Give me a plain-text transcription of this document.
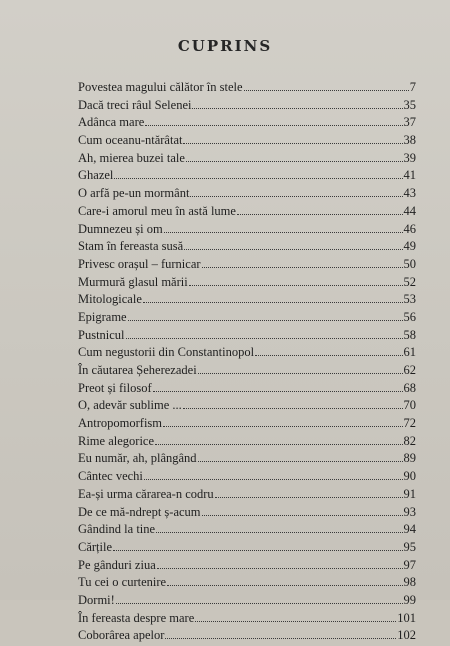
CUPRINS
Povestea magului călător în stele	7
Dacă treci râul Selenei	35
Adânca mare	37
Cum oceanu-ntărâtat	38
Ah, mierea buzei tale	39
Ghazel	41
O arfă pe-un mormânt	43
Care-i amorul meu în astă lume	44
Dumnezeu și om	46
Stam în fereasta susă	49
Privesc orașul – furnicar	50
Murmură glasul mării	52
Mitologicale	53
Epigrame	56
Pustnicul	58
Cum negustorii din Constantinopol	61
În căutarea Șeherezadei	62
Preot și filosof	68
O, adevăr sublime ...	70
Antropomorfism	72
Rime alegorice	82
Eu număr, ah, plângând	89
Cântec vechi	90
Ea-și urma cărarea-n codru	91
De ce mă-ndrept ș-acum	93
Gândind la tine	94
Cărțile	95
Pe gânduri ziua	97
Tu cei o curtenire	98
Dormi!	99
În fereasta despre mare	101
Coborârea apelor	102
